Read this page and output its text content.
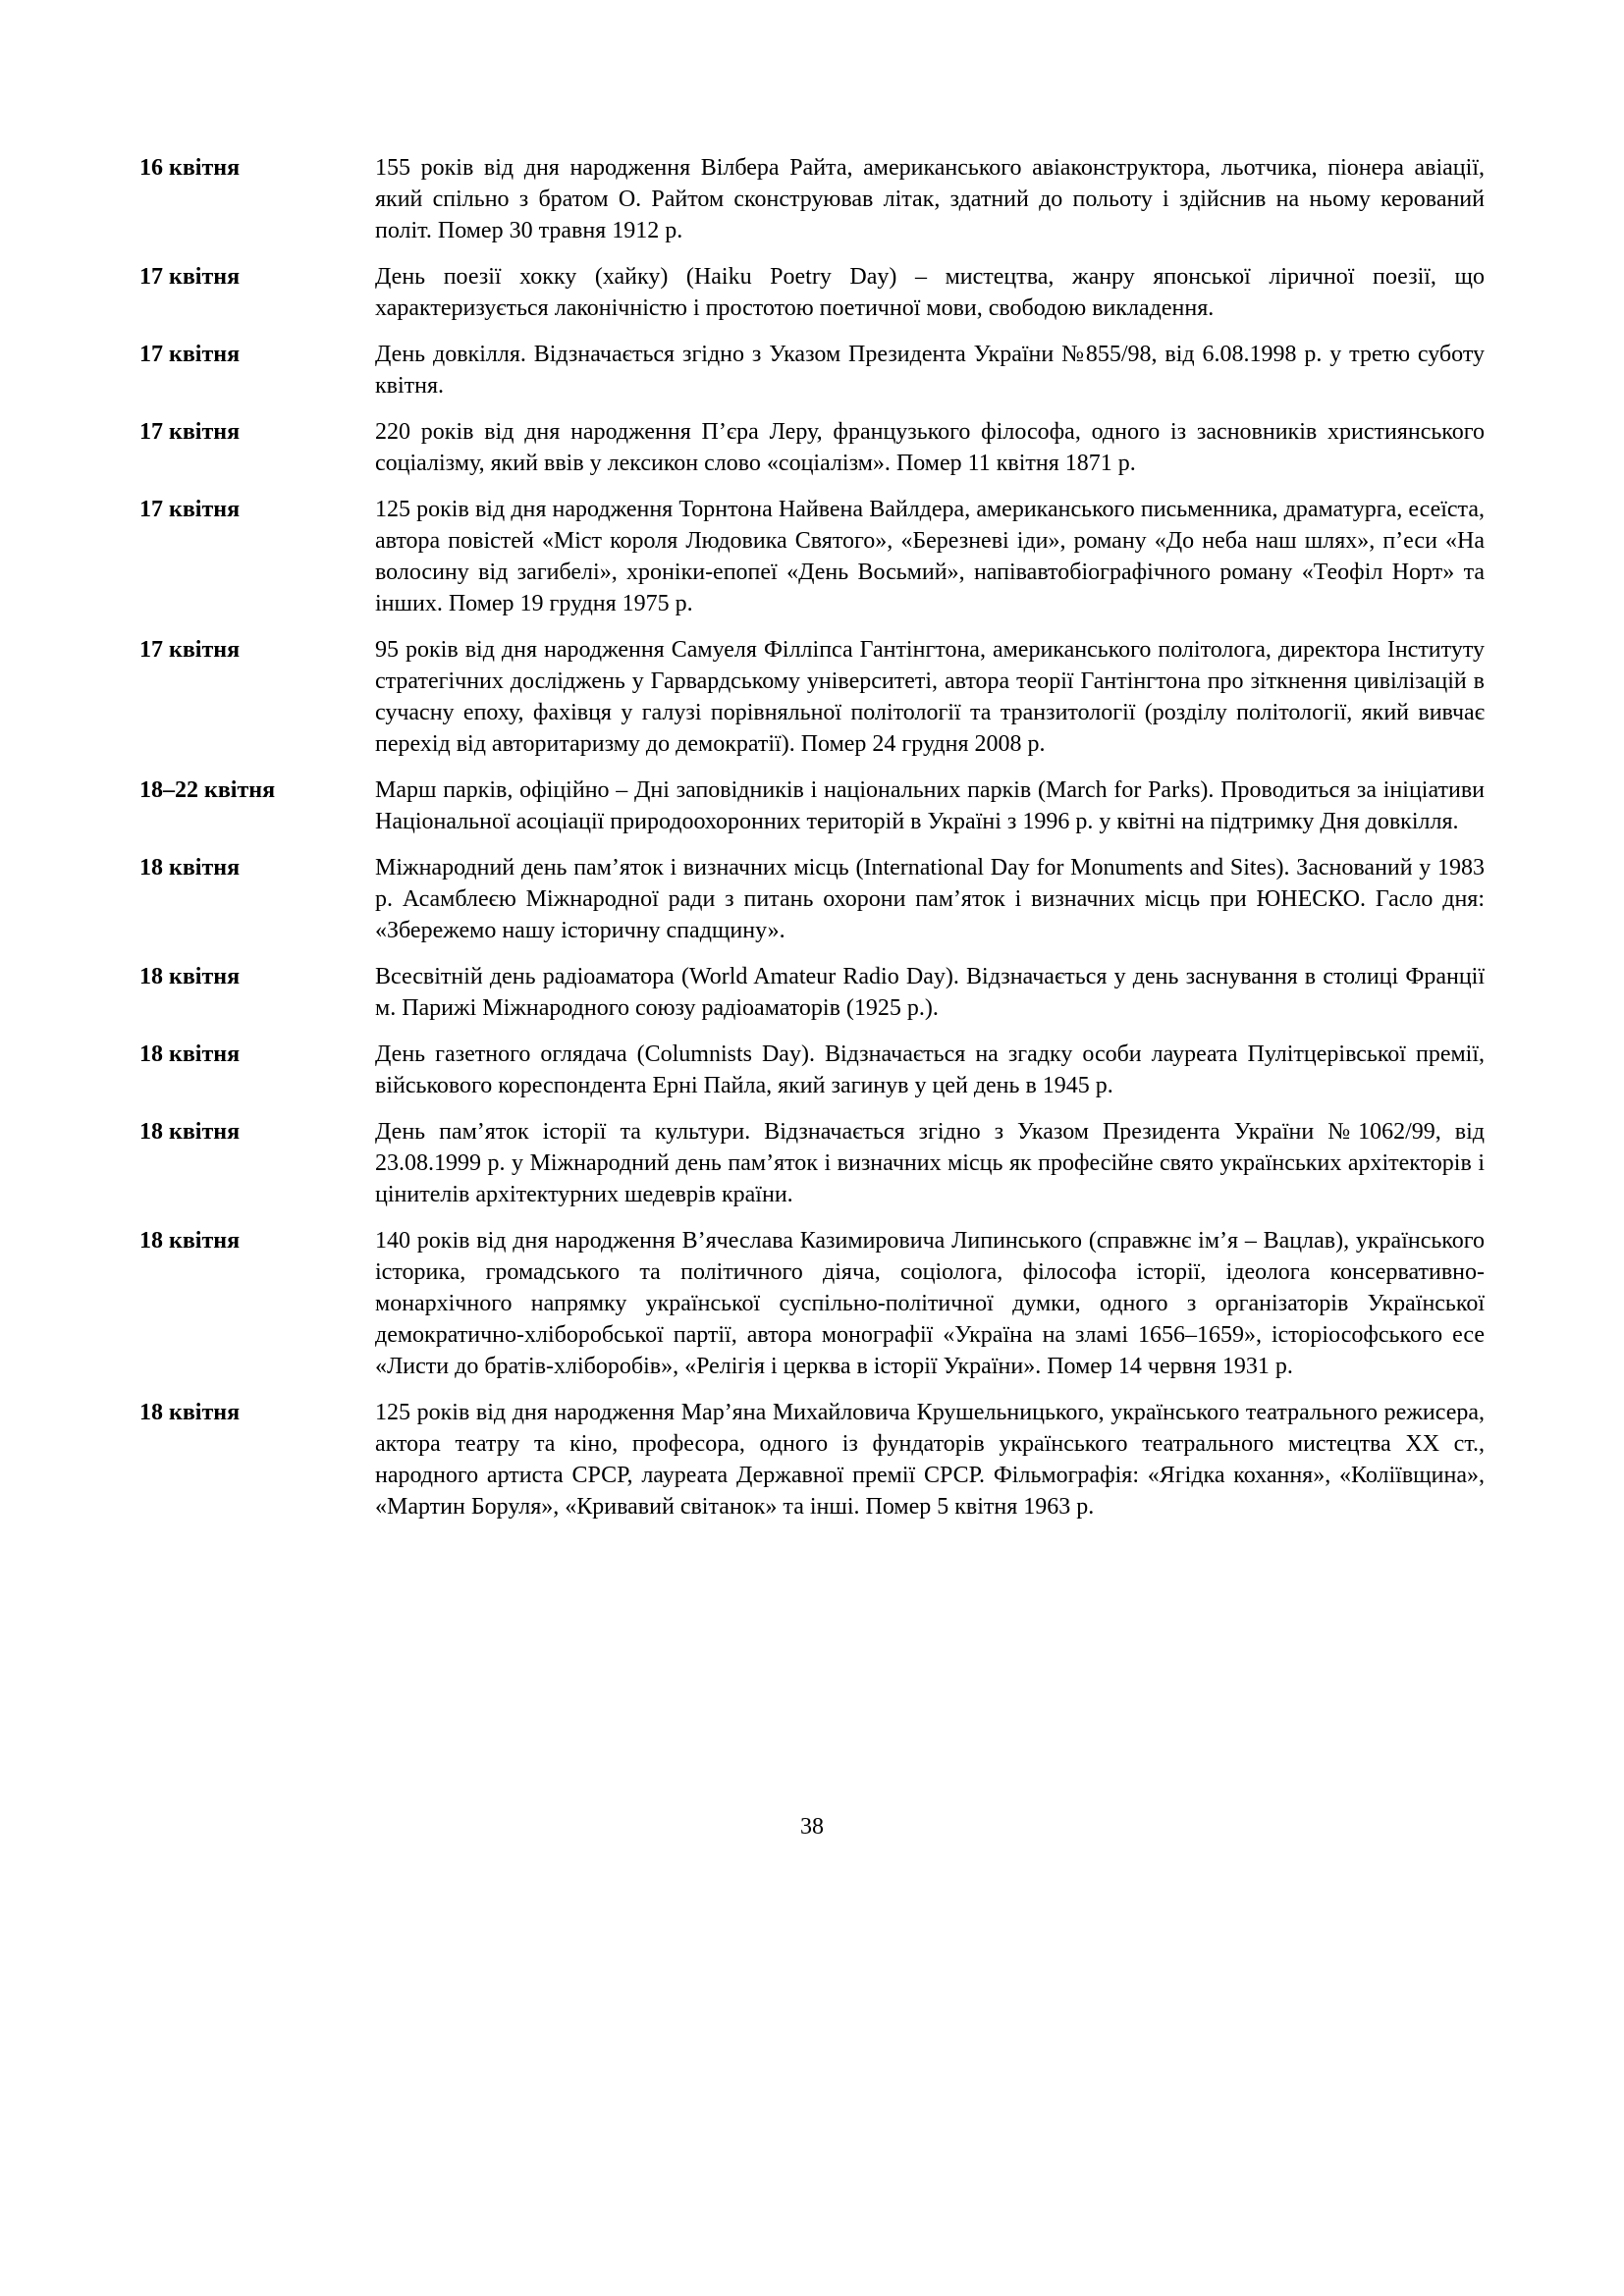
16 квітня	155 років від дня народження Вілбера Райта, американського авіаконструктора, льотчика, піонера авіації, який спільно з братом О. Райтом сконструював літак, здатний до польоту і здійснив на ньому керований політ. Помер 30 травня 1912 р.
17 квітня	День поезії хокку (хайку) (Haiku Poetry Day) – мистецтва, жанру японської ліричної поезії, що характеризується лаконічністю і простотою поетичної мови, свободою викладення.
17 квітня	День довкілля. Відзначається згідно з Указом Президента України №855/98, від 6.08.1998 р. у третю суботу квітня.
17 квітня	220 років від дня народження П’єра Леру, французького філософа, одного із засновників християнського соціалізму, який ввів у лексикон слово «соціалізм». Помер 11 квітня 1871 р.
17 квітня	125 років від дня народження Торнтона Найвена Вайлдера, американського письменника, драматурга, есеїста, автора повістей «Міст короля Людовика Святого», «Березневі іди», роману «До неба наш шлях», п’еси «На волосину від загибелі», хроніки-епопеї «День Восьмий», напівавтобіографічного роману «Теофіл Норт» та інших. Помер 19 грудня 1975 р.
17 квітня	95 років від дня народження Самуеля Філліпса Гантінгтона, американського політолога, директора Інституту стратегічних досліджень у Гарвардському університеті, автора теорії Гантінгтона про зіткнення цивілізацій в сучасну епоху, фахівця у галузі порівняльної політології та транзитології (розділу політології, який вивчає перехід від авторитаризму до демократії). Помер 24 грудня 2008 р.
18–22 квітня	Марш парків, офіційно – Дні заповідників і національних парків (March for Parks). Проводиться за ініціативи Національної асоціації природоохоронних територій в Україні з 1996 р. у квітні на підтримку Дня довкілля.
18 квітня	Міжнародний день пам’яток і визначних місць (International Day for Monuments and Sites). Заснований у 1983 р. Асамблеєю Міжнародної ради з питань охорони пам’яток і визначних місць при ЮНЕСКО. Гасло дня: «Збережемо нашу історичну спадщину».
18 квітня	Всесвітній день радіоаматора (World Amateur Radio Day). Відзначається у день заснування в столиці Франції м. Парижі Міжнародного союзу радіоаматорів (1925 р.).
18 квітня	День газетного оглядача (Columnists Day). Відзначається на згадку особи лауреата Пулітцерівської премії, військового кореспондента Ерні Пайла, який загинув у цей день в 1945 р.
18 квітня	День пам’яток історії та культури. Відзначається згідно з Указом Президента України №1062/99, від 23.08.1999 р. у Міжнародний день пам’яток і визначних місць як професійне свято українських архітекторів і цінителів архітектурних шедеврів країни.
18 квітня	140 років від дня народження В’ячеслава Казимировича Липинського (справжнє ім’я – Вацлав), українського історика, громадського та політичного діяча, соціолога, філософа історії, ідеолога консервативно-монархічного напрямку української суспільно-політичної думки, одного з організаторів Української демократично-хліборобської партії, автора монографії «Україна на зламі 1656–1659», історіософського есе «Листи до братів-хліборобів», «Релігія і церква в історії України». Помер 14 червня 1931 р.
18 квітня	125 років від дня народження Мар’яна Михайловича Крушельницького, українського театрального режисера, актора театру та кіно, професора, одного із фундаторів українського театрального мистецтва XX ст., народного артиста СРСР, лауреата Державної премії СРСР. Фільмографія: «Ягідка кохання», «Коліївщина», «Мартин Боруля», «Кривавий світанок» та інші. Помер 5 квітня 1963 р.
38
